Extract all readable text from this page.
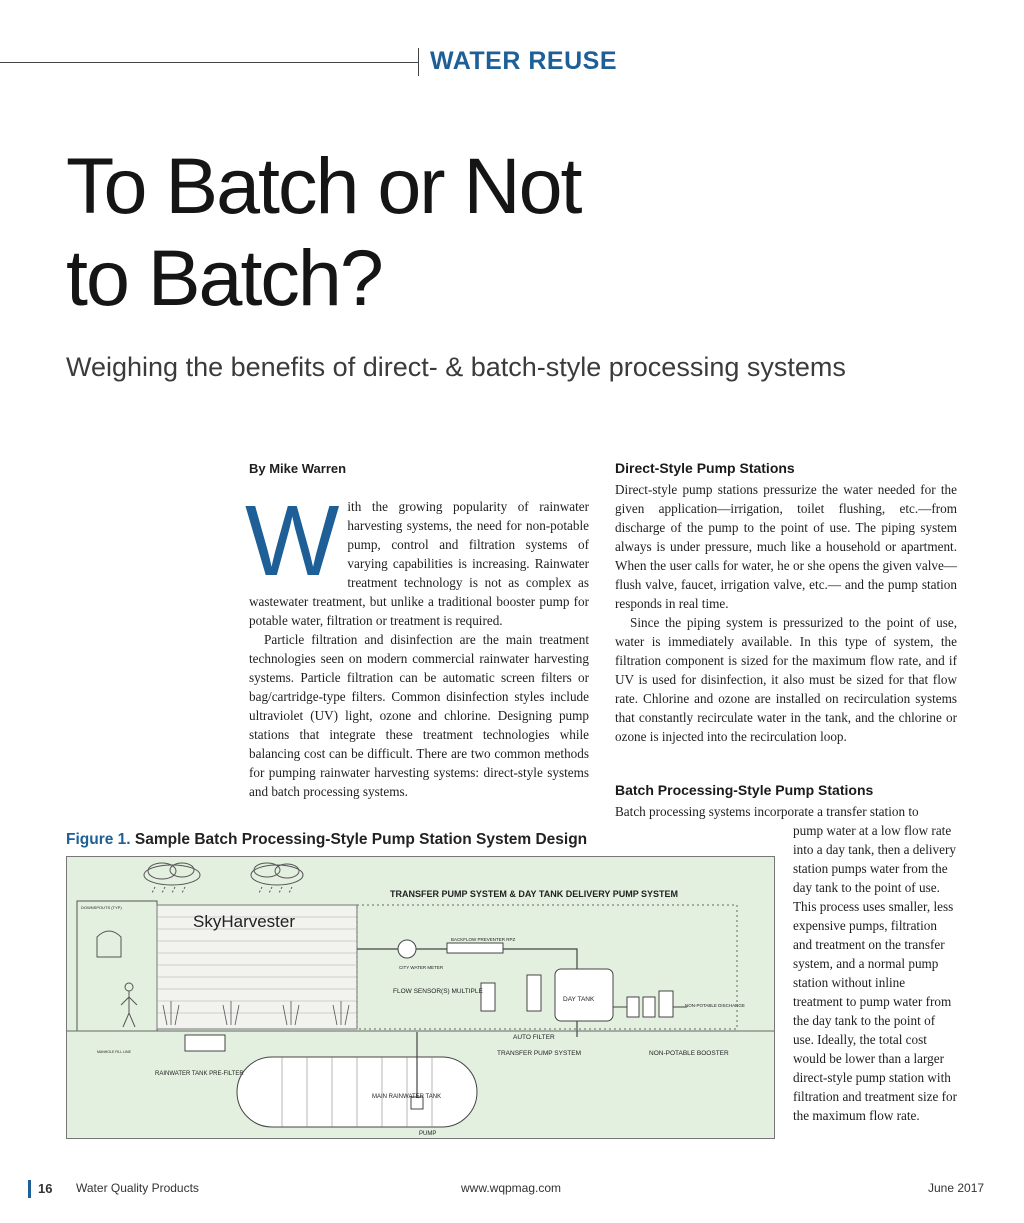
WATER REUSE
To Batch or Not
to Batch?
Weighing the benefits of direct- & batch-style processing systems
By Mike Warren

With the growing popularity of rainwater harvesting systems, the need for non-potable pump, control and filtration systems of varying capabilities is increasing. Rainwater treatment technology is not as complex as wastewater treatment, but unlike a traditional booster pump for potable water, filtration or treatment is required.

Particle filtration and disinfection are the main treatment technologies seen on modern commercial rainwater harvesting systems. Particle filtration can be automatic screen filters or bag/cartridge-type filters. Common disinfection styles include ultraviolet (UV) light, ozone and chlorine. Designing pump stations that integrate these treatment technologies while balancing cost can be difficult. There are two common methods for pumping rainwater harvesting systems: direct-style systems and batch processing systems.

Direct-Style Pump Stations

Direct-style pump stations pressurize the water needed for the given application—irrigation, toilet flushing, etc.—from discharge of the pump to the point of use. The piping system always is under pressure, much like a household or apartment. When the user calls for water, he or she opens the given valve—flush valve, faucet, irrigation valve, etc.— and the pump station responds in real time.

Since the piping system is pressurized to the point of use, water is immediately available. In this type of system, the filtration component is sized for the maximum flow rate, and if UV is used for disinfection, it also must be sized for that flow rate. Chlorine and ozone are installed on recirculation systems that constantly recirculate water in the tank, and the chlorine or ozone is injected into the recirculation loop.

Batch Processing-Style Pump Stations
Batch processing systems incorporate a transfer station to
pump water at a low flow rate into a day tank, then a delivery station pumps water from the day tank to the point of use. This process uses smaller, less expensive pumps, filtration and treatment on the transfer system, and a normal pump station without inline treatment to pump water from the day tank to the point of use. Ideally, the total cost would be lower than a larger direct-style pump station with filtration and treatment size for the maximum flow rate.
Figure 1. Sample Batch Processing-Style Pump Station System Design
TRANSFER PUMP SYSTEM & DAY TANK DELIVERY PUMP SYSTEM
SkyHarvester
DOWNSPOUTS (TYP)
CITY WATER METER
BACKFLOW PREVENTER RPZ
FLOW SENSOR(S) MULTIPLE
DAY TANK
NON-POTABLE DISCHARGE
AUTO FILTER
TRANSFER PUMP SYSTEM	NON-POTABLE BOOSTER
RAINWATER TANK PRE-FILTER
MAIN RAINWATER TANK
PUMP
MANHOLE FILL LINE
16 Water Quality Products	www.wqpmag.com	June 2017
